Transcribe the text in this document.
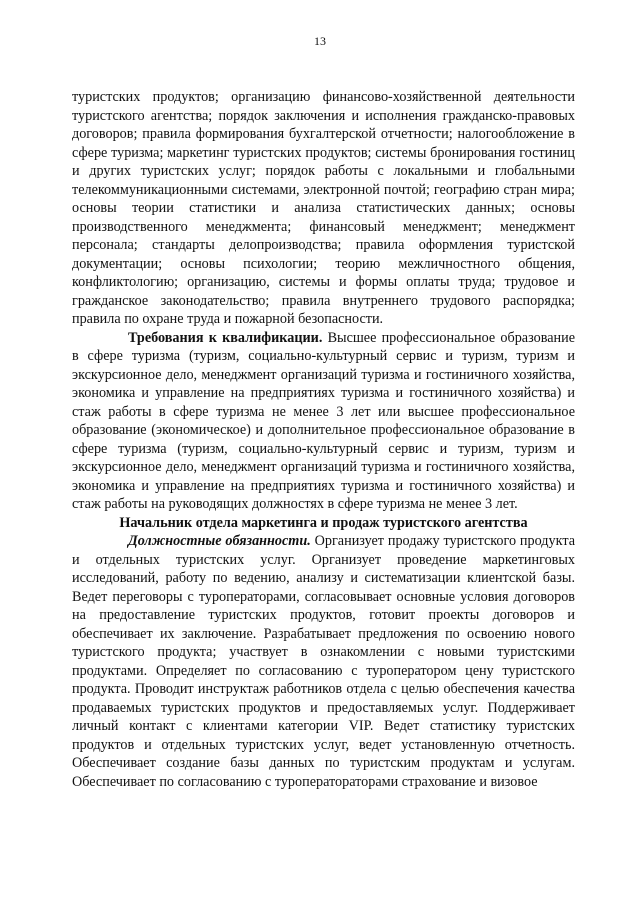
13

туристских продуктов; организацию финансово-хозяйственной деятельности туристского агентства; порядок заключения и исполнения гражданско-правовых договоров; правила формирования бухгалтерской отчетности; налогообложение в сфере туризма; маркетинг туристских продуктов; системы бронирования гостиниц и других туристских услуг; порядок работы с локальными и глобальными телекоммуникационными системами, электронной почтой; географию стран мира; основы теории статистики и анализа статистических данных; основы производственного менеджмента; финансовый менеджмент; менеджмент персонала; стандарты делопроизводства; правила оформления туристской документации; основы психологии; теорию межличностного общения, конфликтологию; организацию, системы и формы оплаты труда; трудовое и гражданское законодательство; правила внутреннего трудового распорядка; правила по охране труда и пожарной безопасности.

Требования к квалификации. Высшее профессиональное образование в сфере туризма (туризм, социально-культурный сервис и туризм, туризм и экскурсионное дело, менеджмент организаций туризма и гостиничного хозяйства, экономика и управление на предприятиях туризма и гостиничного хозяйства) и стаж работы в сфере туризма не менее 3 лет или высшее профессиональное образование (экономическое) и дополнительное профессиональное образование в сфере туризма (туризм, социально-культурный сервис и туризм, туризм и экскурсионное дело, менеджмент организаций туризма и гостиничного хозяйства, экономика и управление на предприятиях туризма и гостиничного хозяйства) и стаж работы на руководящих должностях в сфере туризма не менее 3 лет.

Начальник отдела маркетинга и продаж туристского агентства

Должностные обязанности. Организует продажу туристского продукта и отдельных туристских услуг. Организует проведение маркетинговых исследований, работу по ведению, анализу и систематизации клиентской базы. Ведет переговоры с туроператорами, согласовывает основные условия договоров на предоставление туристских продуктов, готовит проекты договоров и обеспечивает их заключение. Разрабатывает предложения по освоению нового туристского продукта; участвует в ознакомлении с новыми туристскими продуктами. Определяет по согласованию с туроператором цену туристского продукта. Проводит инструктаж работников отдела с целью обеспечения качества продаваемых туристских продуктов и предоставляемых услуг. Поддерживает личный контакт с клиентами категории VIP. Ведет статистику туристских продуктов и отдельных туристских услуг, ведет установленную отчетность. Обеспечивает создание базы данных по туристским продуктам и услугам. Обеспечивает по согласованию с туроператораторами страхование и визовое
